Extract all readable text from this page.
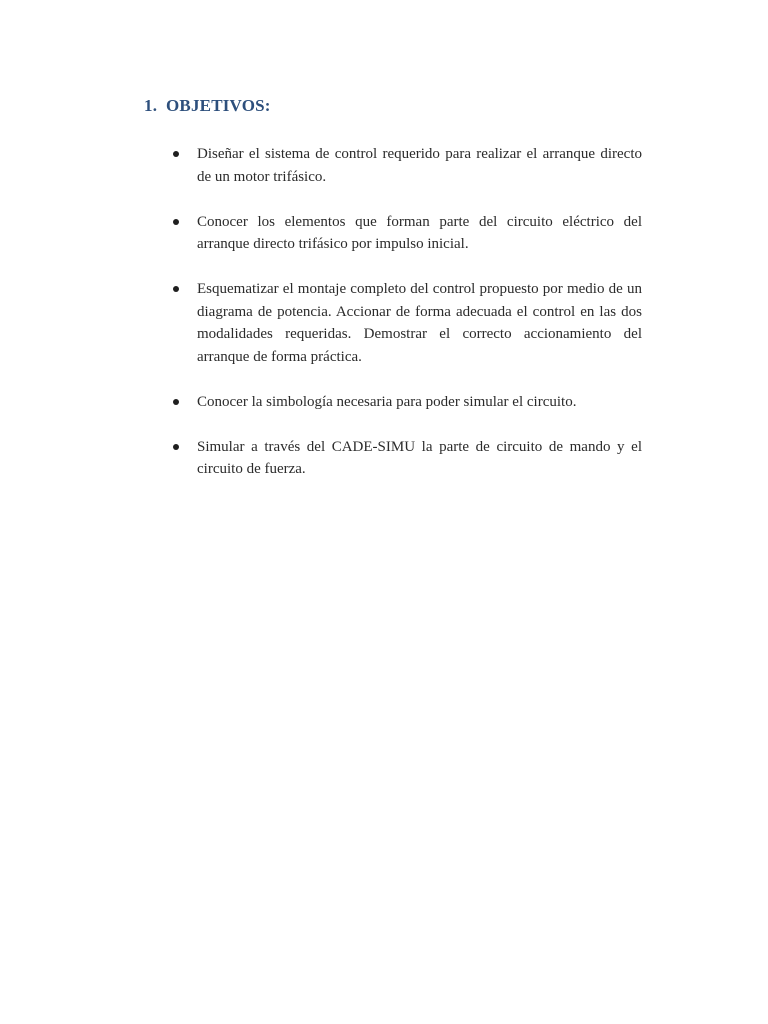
1. OBJETIVOS:
Diseñar el sistema de control requerido para realizar el arranque directo de un motor trifásico.
Conocer los elementos que forman parte del circuito eléctrico del arranque directo trifásico por impulso inicial.
Esquematizar el montaje completo del control propuesto por medio de un diagrama de potencia. Accionar de forma adecuada el control en las dos modalidades requeridas. Demostrar el correcto accionamiento del arranque de forma práctica.
Conocer la simbología necesaria para poder simular el circuito.
Simular a través del CADE-SIMU la parte de circuito de mando y el circuito de fuerza.
